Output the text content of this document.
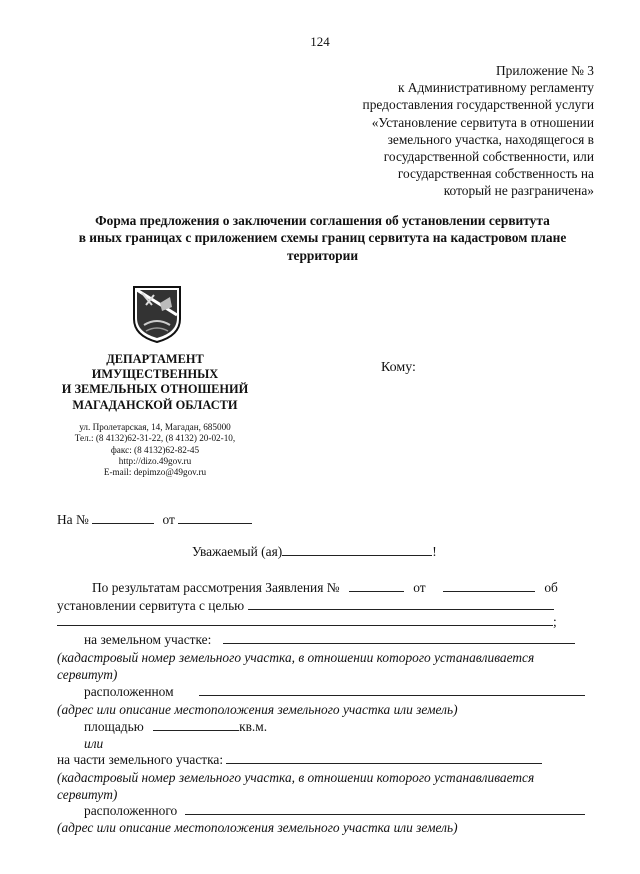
124
Приложение № 3
к Административному регламенту
предоставления государственной услуги
«Установление сервитута в отношении
земельного участка, находящегося в
государственной собственности, или
государственная собственность на
который не разграничена»
Форма предложения о заключении соглашения об установлении сервитута
в иных границах с приложением схемы границ сервитута на кадастровом плане
территории
ДЕПАРТАМЕНТ
ИМУЩЕСТВЕННЫХ
И ЗЕМЕЛЬНЫХ ОТНОШЕНИЙ
МАГАДАНСКОЙ ОБЛАСТИ
ул. Пролетарская, 14, Магадан, 685000
Тел.: (8 4132)62-31-22, (8 4132) 20-02-10,
факс: (8 4132)62-82-45
http://dizo.49gov.ru
E-mail: depimzo@49gov.ru
Кому:
На №	от
Уважаемый (ая)	!
По результатам рассмотрения Заявления №	от	об
установлении сервитута с целью
;
на земельном участке:
(кадастровый номер земельного участка, в отношении которого устанавливается
сервитут)
расположенном
(адрес или описание местоположения земельного участка или земель)
площадью	кв.м.
или
на части земельного участка:
(кадастровый номер земельного участка, в отношении которого устанавливается
сервитут)
расположенного
(адрес или описание местоположения земельного участка или земель)
